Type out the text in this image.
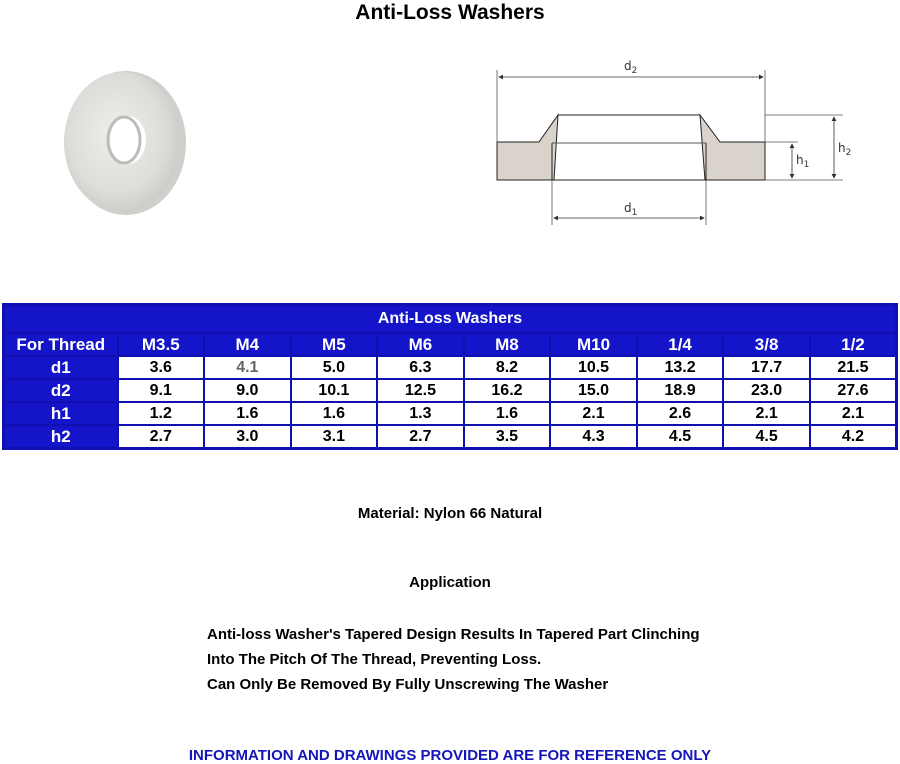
Anti-Loss Washers
$d_2$
$d_1$
$h_1$
$h_2$
Anti-Loss Washers									
For Thread	M3.5	M4	M5	M6	M8	M10	1/4	3/8	1/2
d1	3.6	4.1	5.0	6.3	8.2	10.5	13.2	17.7	21.5
d2	9.1	9.0	10.1	12.5	16.2	15.0	18.9	23.0	27.6
h1	1.2	1.6	1.6	1.3	1.6	2.1	2.6	2.1	2.1
h2	2.7	3.0	3.1	2.7	3.5	4.3	4.5	4.5	4.2
Material: Nylon 66 Natural
Application
Anti-loss Washer's Tapered Design Results In Tapered Part Clinching
Into The Pitch Of The Thread, Preventing Loss.
Can Only Be Removed By Fully Unscrewing The Washer
INFORMATION AND DRAWINGS PROVIDED ARE FOR REFERENCE ONLY
